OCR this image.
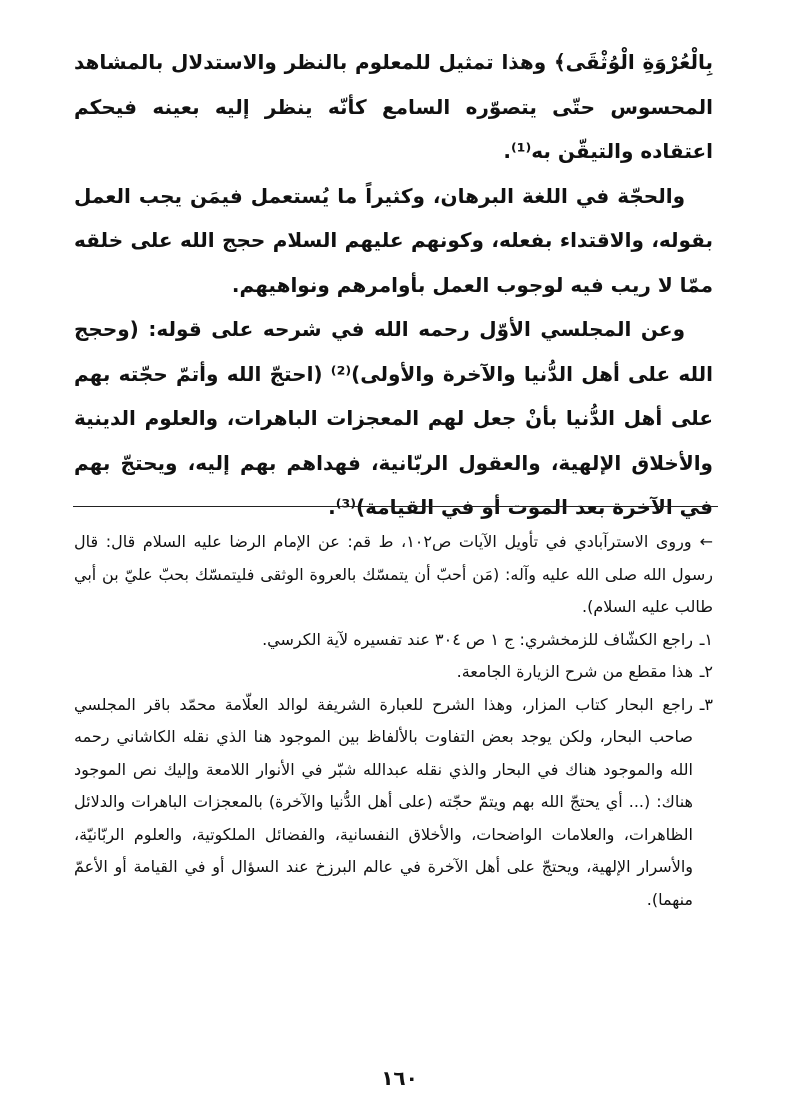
بِالْعُرْوَةِ الْوُثْقَى﴾ وهذا تمثيل للمعلوم بالنظر والاستدلال بالمشاهد المحسوس حتّى يتصوّره السامع كأنّه ينظر إليه بعينه فيحكم اعتقاده والتيقّن به⁽¹⁾.

والحجّة في اللغة البرهان، وكثيراً ما يُستعمل فيمَن يجب العمل بقوله، والاقتداء بفعله، وكونهم عليهم السلام حجج الله على خلقه ممّا لا ريب فيه لوجوب العمل بأوامرهم ونواهيهم.

وعن المجلسي الأوّل رحمه الله في شرحه على قوله: (وحجج الله على أهل الدُّنيا والآخرة والأولى)⁽²⁾ (احتجّ الله وأتمّ حجّته بهم على أهل الدُّنيا بأنْ جعل لهم المعجزات الباهرات، والعلوم الدينية والأخلاق الإلهية، والعقول الربّانية، فهداهم بهم إليه، ويحتجّ بهم في الآخرة بعد الموت أو في القيامة)⁽³⁾.

←وروى الاسترآبادي في تأويل الآيات ص١٠٢، ط قم: عن الإمام الرضا عليه السلام قال: قال رسول الله صلى الله عليه وآله: (مَن أحبّ أن يتمسّك بالعروة الوثقى فليتمسّك بحبّ عليّ بن أبي طالب عليه السلام).

١ـ
راجع الكشّاف للزمخشري: ج ١ ص ٣٠٤ عند تفسيره لآية الكرسي.

٢ـ
هذا مقطع من شرح الزيارة الجامعة.

٣ـ
راجع البحار كتاب المزار، وهذا الشرح للعبارة الشريفة لوالد العلّامة محمّد باقر المجلسي صاحب البحار، ولكن يوجد بعض التفاوت بالألفاظ بين الموجود هنا الذي نقله الكاشاني رحمه الله والموجود هناك في البحار والذي نقله عبدالله شبّر في الأنوار اللامعة وإليك نص الموجود هناك: (... أي يحتجّ الله بهم ويتمّ حجّته (على أهل الدُّنيا والآخرة) بالمعجزات الباهرات والدلائل الظاهرات، والعلامات الواضحات، والأخلاق النفسانية، والفضائل الملكوتية، والعلوم الربّانيّة، والأسرار الإلهية، ويحتجّ على أهل الآخرة في عالم البرزخ عند السؤال أو في القيامة أو الأعمّ منهما).

١٦٠
